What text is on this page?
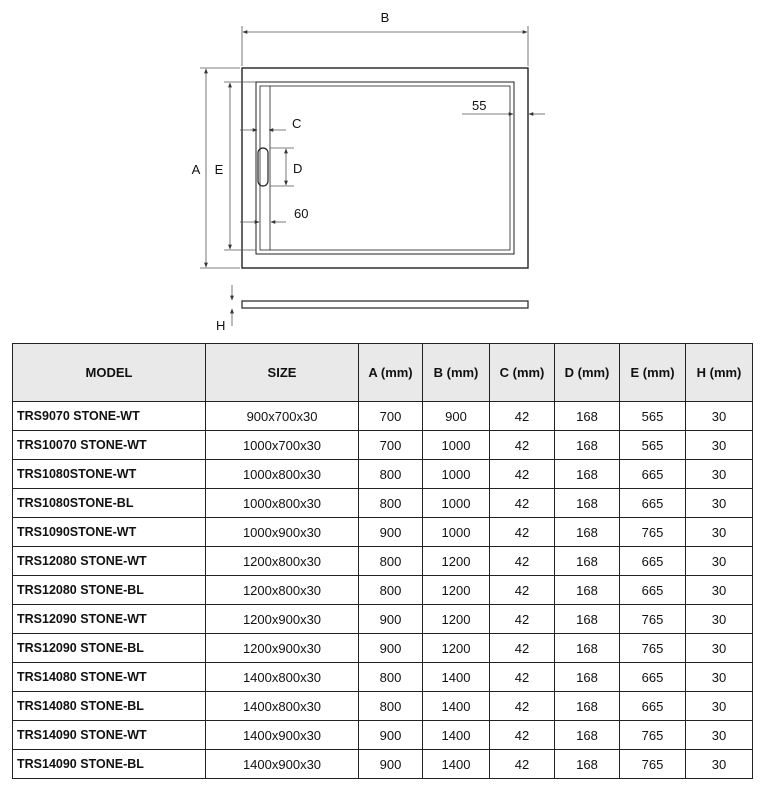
B
A E
C
D
60
55
H
MODEL	SIZE	A (mm)	B (mm)	C (mm)	D (mm)	E (mm)	H (mm)
TRS9070 STONE-WT	900x700x30	700	900	42	168	565	30
TRS10070 STONE-WT	1000x700x30	700	1000	42	168	565	30
TRS1080STONE-WT	1000x800x30	800	1000	42	168	665	30
TRS1080STONE-BL	1000x800x30	800	1000	42	168	665	30
TRS1090STONE-WT	1000x900x30	900	1000	42	168	765	30
TRS12080 STONE-WT	1200x800x30	800	1200	42	168	665	30
TRS12080 STONE-BL	1200x800x30	800	1200	42	168	665	30
TRS12090 STONE-WT	1200x900x30	900	1200	42	168	765	30
TRS12090 STONE-BL	1200x900x30	900	1200	42	168	765	30
TRS14080 STONE-WT	1400x800x30	800	1400	42	168	665	30
TRS14080 STONE-BL	1400x800x30	800	1400	42	168	665	30
TRS14090 STONE-WT	1400x900x30	900	1400	42	168	765	30
TRS14090 STONE-BL	1400x900x30	900	1400	42	168	765	30
